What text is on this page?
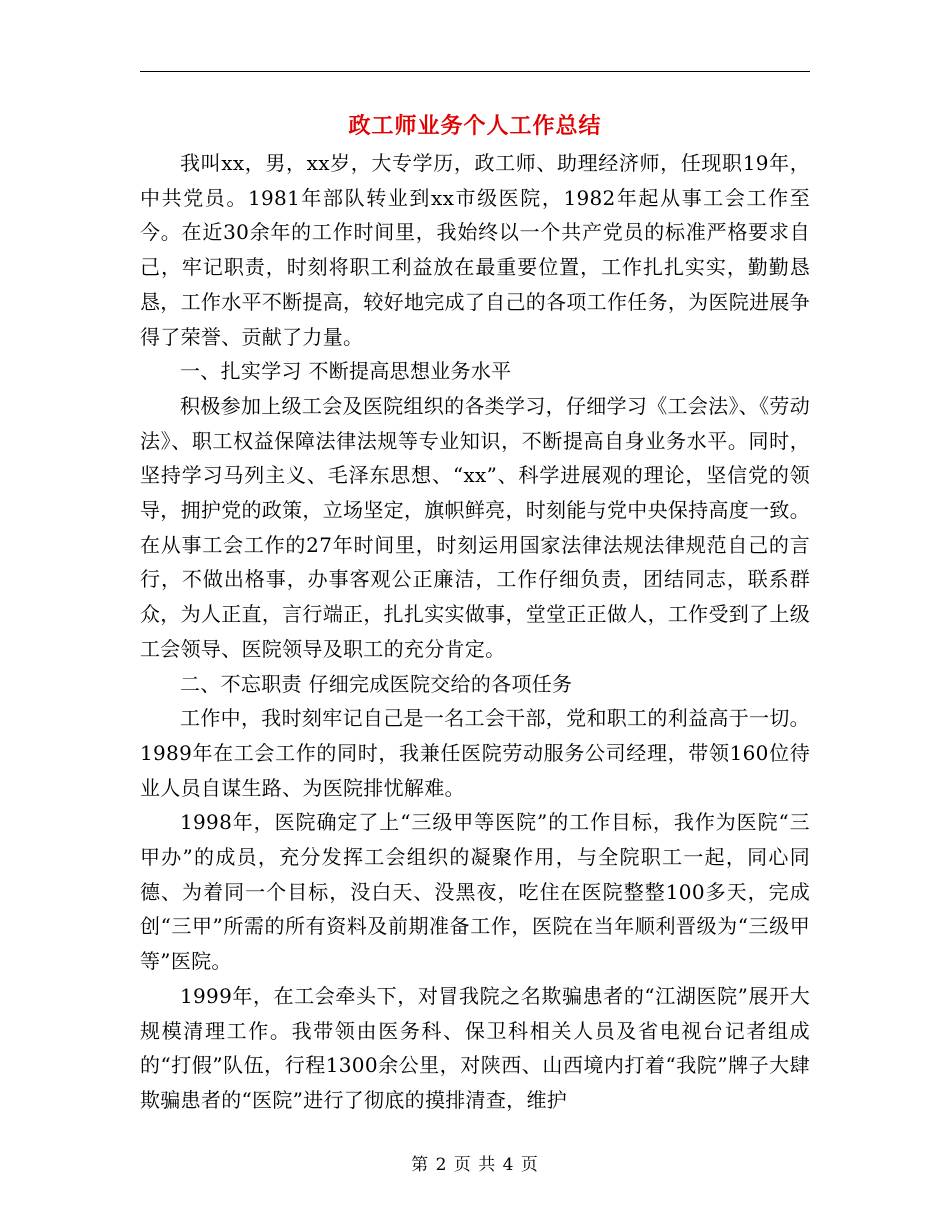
政工师业务个人工作总结

我叫xx，男，xx岁，大专学历，政工师、助理经济师，任现职19年，中共党员。1981年部队转业到xx市级医院，1982年起从事工会工作至今。在近30余年的工作时间里，我始终以一个共产党员的标准严格要求自己，牢记职责，时刻将职工利益放在最重要位置，工作扎扎实实，勤勤恳恳，工作水平不断提高，较好地完成了自己的各项工作任务，为医院进展争得了荣誉、贡献了力量。

一、扎实学习 不断提高思想业务水平

积极参加上级工会及医院组织的各类学习，仔细学习《工会法》、《劳动法》、职工权益保障法律法规等专业知识，不断提高自身业务水平。同时，坚持学习马列主义、毛泽东思想、“xx”、科学进展观的理论，坚信党的领导，拥护党的政策，立场坚定，旗帜鲜亮，时刻能与党中央保持高度一致。在从事工会工作的27年时间里，时刻运用国家法律法规法律规范自己的言行，不做出格事，办事客观公正廉洁，工作仔细负责，团结同志，联系群众，为人正直，言行端正，扎扎实实做事，堂堂正正做人，工作受到了上级工会领导、医院领导及职工的充分肯定。

二、不忘职责 仔细完成医院交给的各项任务

工作中，我时刻牢记自己是一名工会干部，党和职工的利益高于一切。1989年在工会工作的同时，我兼任医院劳动服务公司经理，带领160位待业人员自谋生路、为医院排忧解难。

1998年，医院确定了上“三级甲等医院”的工作目标，我作为医院“三甲办”的成员，充分发挥工会组织的凝聚作用，与全院职工一起，同心同德、为着同一个目标，没白天、没黑夜，吃住在医院整整100多天，完成创“三甲”所需的所有资料及前期准备工作，医院在当年顺利晋级为“三级甲等”医院。

1999年，在工会牵头下，对冒我院之名欺骗患者的“江湖医院”展开大规模清理工作。我带领由医务科、保卫科相关人员及省电视台记者组成的“打假”队伍，行程1300余公里，对陕西、山西境内打着“我院”牌子大肆欺骗患者的“医院”进行了彻底的摸排清查，维护

第 2 页 共 4 页
